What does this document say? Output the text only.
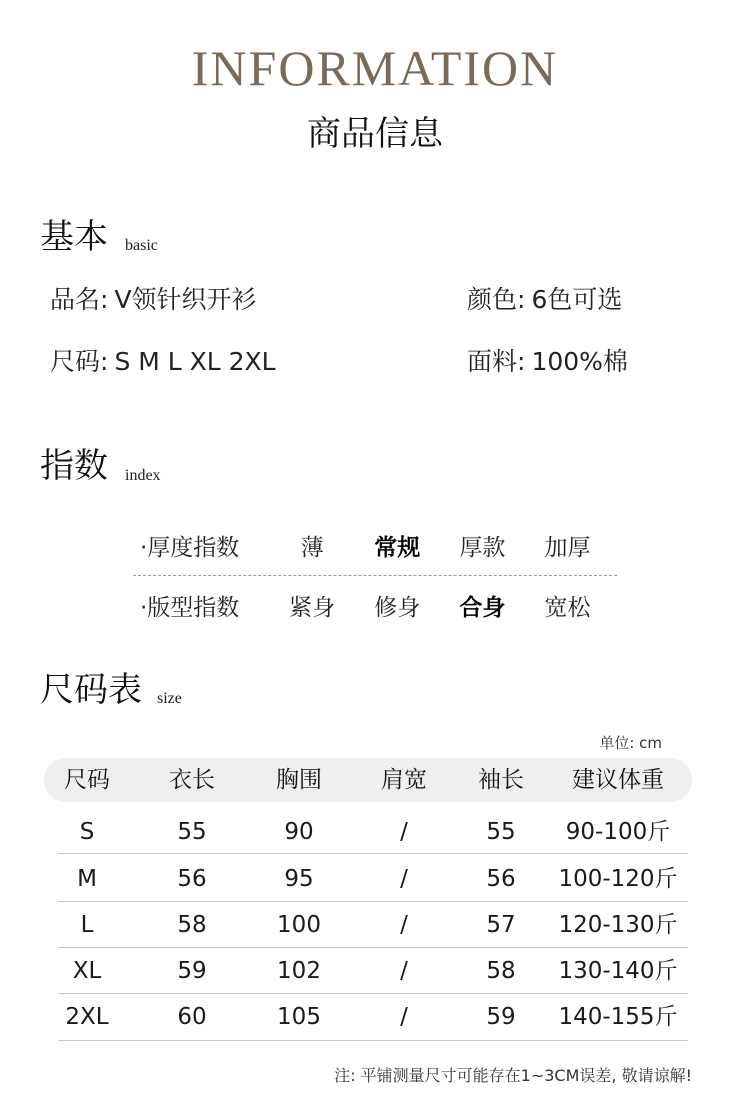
INFORMATION
商品信息
基本 basic
品名: V领针织开衫	颜色: 6色可选
尺码: S M L XL 2XL	面料: 100%棉
指数 index
·厚度指数	薄	常规	厚款	加厚
·版型指数	紧身	修身	合身	宽松
尺码表 size
单位: cm
尺码	衣长	胸围	肩宽	袖长	建议体重
S	55	90	/	55	90-100斤
M	56	95	/	56	100-120斤
L	58	100	/	57	120-130斤
XL	59	102	/	58	130-140斤
2XL	60	105	/	59	140-155斤
注: 平铺测量尺寸可能存在1~3CM误差, 敬请谅解!
